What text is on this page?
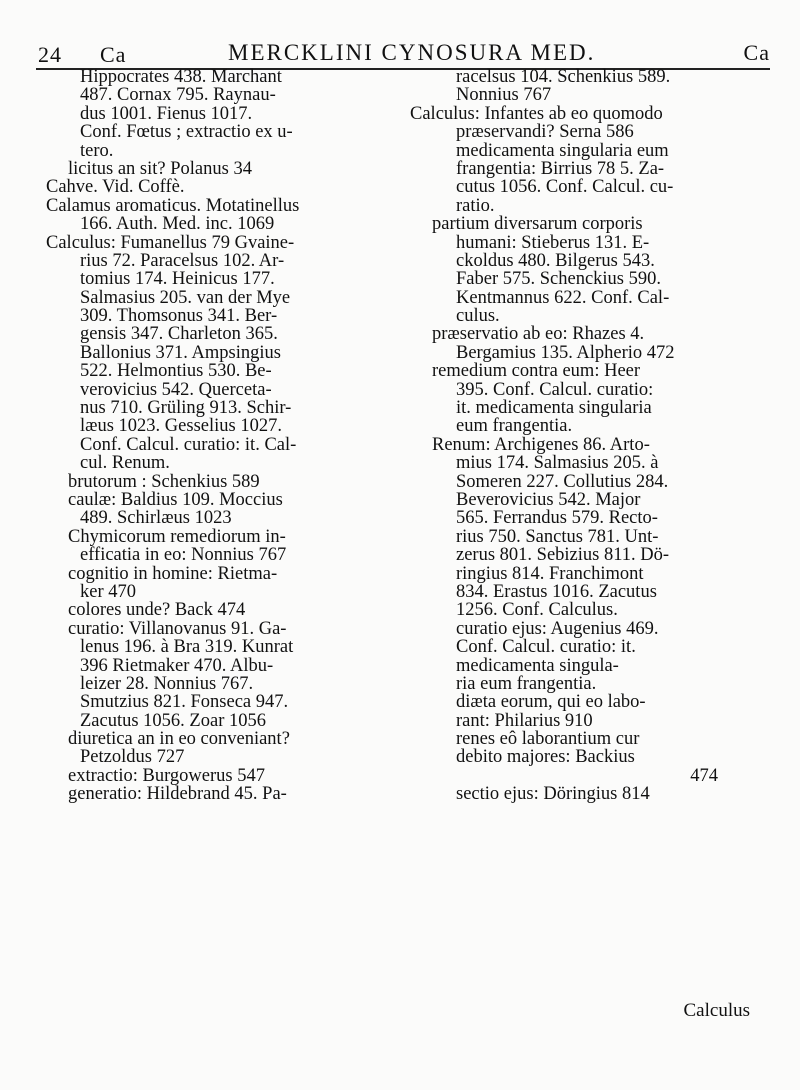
24 Ca	MERCKLINI CYNOSURA MED.	Ca
Hippocrates 438. Marchant
487. Cornax 795. Raynau-
dus 1001. Fienus 1017.
Conf. Fœtus ; extractio ex u-
tero.
licitus an sit? Polanus 34
Cahve. Vid. Coffè.
Calamus aromaticus. Motatinellus
166. Auth. Med. inc. 1069
Calculus: Fumanellus 79 Gvaine-
rius 72. Paracelsus 102. Ar-
tomius 174. Heinicus 177.
Salmasius 205. van der Mye
309. Thomsonus 341. Ber-
gensis 347. Charleton 365.
Ballonius 371. Ampsingius
522. Helmontius 530. Be-
verovicius 542. Querceta-
nus 710. Grüling 913. Schir-
læus 1023. Gesselius 1027.
Conf. Calcul. curatio: it. Cal-
cul. Renum.
brutorum : Schenkius 589
caulæ: Baldius 109. Moccius
489. Schirlæus 1023
Chymicorum remediorum in-
efficatia in eo: Nonnius 767
cognitio in homine: Rietma-
ker 470
colores unde? Back 474
curatio: Villanovanus 91. Ga-
lenus 196. à Bra 319. Kunrat
396 Rietmaker 470. Albu-
leizer 28. Nonnius 767.
Smutzius 821. Fonseca 947.
Zacutus 1056. Zoar 1056
diuretica an in eo conveniant?
Petzoldus 727
extractio: Burgowerus 547
generatio: Hildebrand 45. Pa-
racelsus 104. Schenkius 589.
Nonnius 767
Calculus: Infantes ab eo quomodo
præservandi? Serna 586
medicamenta singularia eum
frangentia: Birrius 78 5. Za-
cutus 1056. Conf. Calcul. cu-
ratio.
partium diversarum corporis
humani: Stieberus 131. E-
ckoldus 480. Bilgerus 543.
Faber 575. Schenckius 590.
Kentmannus 622. Conf. Cal-
culus.
præservatio ab eo: Rhazes 4.
Bergamius 135. Alpherio 472
remedium contra eum: Heer
395. Conf. Calcul. curatio:
it. medicamenta singularia
eum frangentia.
Renum: Archigenes 86. Arto-
mius 174. Salmasius 205. à
Someren 227. Collutius 284.
Beverovicius 542. Major
565. Ferrandus 579. Recto-
rius 750. Sanctus 781. Unt-
zerus 801. Sebizius 811. Dö-
ringius 814. Franchimont
834. Erastus 1016. Zacutus
1256. Conf. Calculus.
curatio ejus: Augenius 469.
Conf. Calcul. curatio: it.
medicamenta singula-
ria eum frangentia.
diæta eorum, qui eo labo-
rant: Philarius 910
renes eô laborantium cur
debito majores: Backius
474
sectio ejus: Döringius 814
Calculus
